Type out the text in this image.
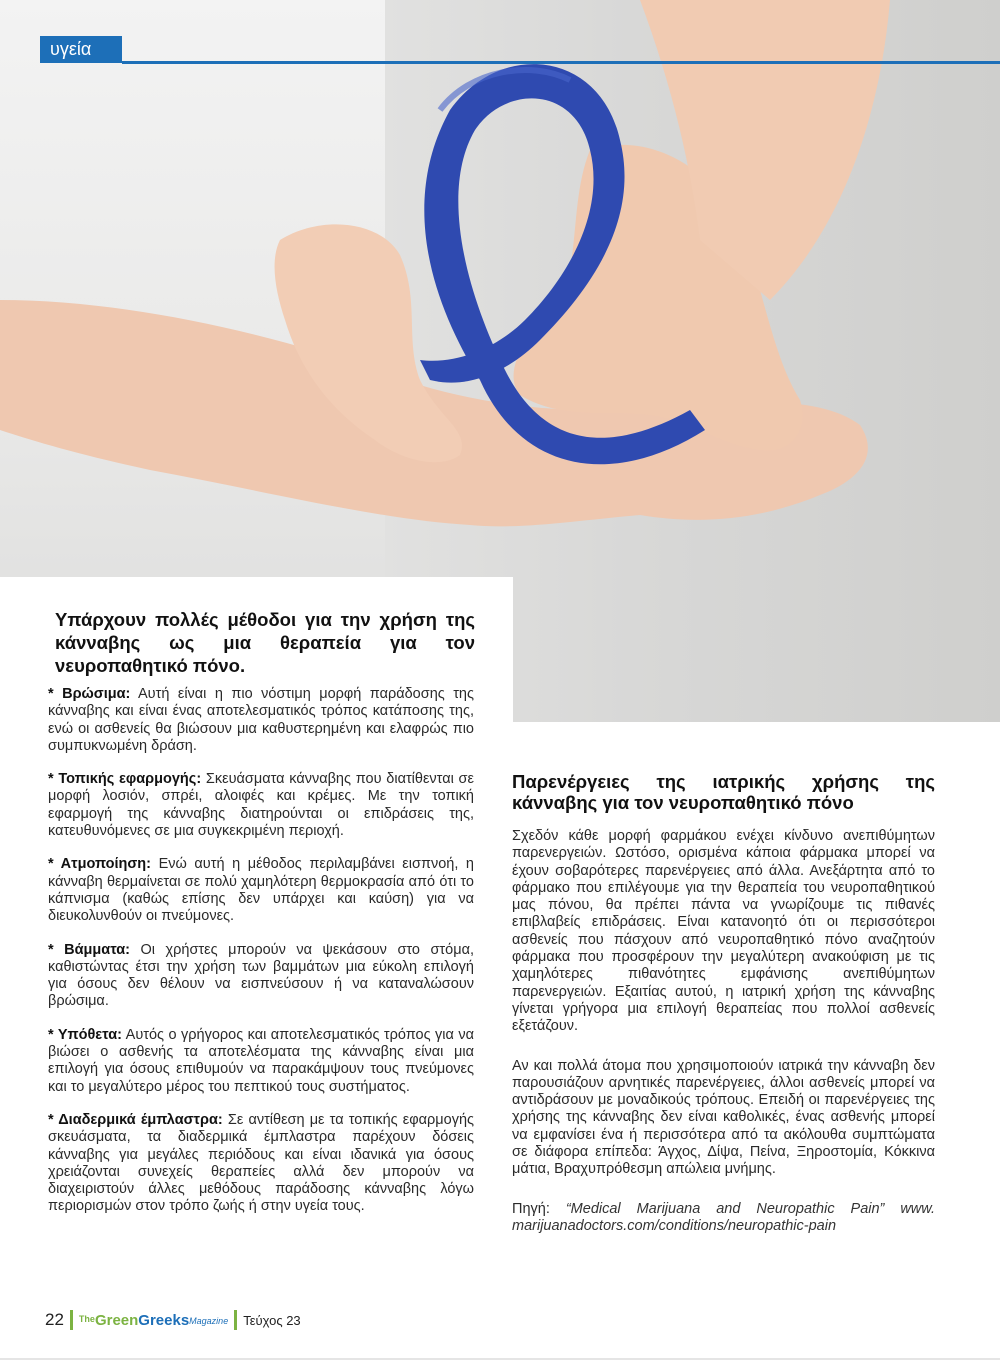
υγεία
Υπάρχουν πολλές μέθοδοι για την χρήση της κάνναβης ως μια θεραπεία για τον νευροπαθητικό πόνο.
* Βρώσιμα: Αυτή είναι η πιο νόστιμη μορφή παράδοσης της κάνναβης και είναι ένας αποτελεσματικός τρόπος κατάποσης της, ενώ οι ασθενείς θα βιώσουν μια καθυστερημένη και ελαφρώς πιο συμπυκνωμένη δράση.
* Τοπικής εφαρμογής: Σκευάσματα κάνναβης που διατίθενται σε μορφή λοσιόν, σπρέι, αλοιφές και κρέμες. Με την τοπική εφαρμογή της κάνναβης διατηρούνται οι επιδράσεις της, κατευθυνόμενες σε μια συγκεκριμένη περιοχή.
* Ατμοποίηση: Ενώ αυτή η μέθοδος περιλαμβάνει εισπνοή, η κάνναβη θερμαίνεται σε πολύ χαμηλότερη θερμοκρασία από ότι το κάπνισμα (καθώς επίσης δεν υπάρχει και καύση) για να διευκολυνθούν οι πνεύμονες.
* Βάμματα: Οι χρήστες μπορούν να ψεκάσουν στο στόμα, καθιστώντας έτσι την χρήση των βαμμάτων μια εύκολη επιλογή για όσους δεν θέλουν να εισπνεύσουν ή να καταναλώσουν βρώσιμα.
* Υπόθετα: Αυτός ο γρήγορος και αποτελεσματικός τρόπος για να βιώσει ο ασθενής τα αποτελέσματα της κάνναβης είναι μια επιλογή για όσους επιθυμούν να παρακάμψουν τους πνεύμονες και το μεγαλύτερο μέρος του πεπτικού τους συστήματος.
* Διαδερμικά έμπλαστρα: Σε αντίθεση με τα τοπικής εφαρμογής σκευάσματα, τα διαδερμικά έμπλαστρα παρέχουν δόσεις κάνναβης για μεγάλες περιόδους και είναι ιδανικά για όσους χρειάζονται συνεχείς θεραπείες αλλά δεν μπορούν να διαχειριστούν άλλες μεθόδους παράδοσης κάνναβης λόγω περιορισμών στον τρόπο ζωής ή στην υγεία τους.
Παρενέργειες της ιατρικής χρήσης της κάνναβης για τον νευροπαθητικό πόνο

Σχεδόν κάθε μορφή φαρμάκου ενέχει κίνδυνο ανεπιθύμητων παρενεργειών. Ωστόσο, ορισμένα κάποια φάρμακα μπορεί να έχουν σοβαρότερες παρενέργειες από άλλα. Ανεξάρτητα από το φάρμακο που επιλέγουμε για την θεραπεία του νευροπαθητικού μας πόνου, θα πρέπει πάντα να γνωρίζουμε τις πιθανές επιβλαβείς επιδράσεις. Είναι κατανοητό ότι οι περισσότεροι ασθενείς που πάσχουν από νευροπαθητικό πόνο αναζητούν φάρμακα που προσφέρουν την μεγαλύτερη ανακούφιση με τις χαμηλότερες πιθανότητες εμφάνισης ανεπιθύμητων παρενεργειών. Εξαιτίας αυτού, η ιατρική χρήση της κάνναβης γίνεται γρήγορα μια επιλογή θεραπείας που πολλοί ασθενείς εξετάζουν.

Αν και πολλά άτομα που χρησιμοποιούν ιατρικά την κάνναβη δεν παρουσιάζουν αρνητικές παρενέργειες, άλλοι ασθενείς μπορεί να αντιδράσουν με μοναδικούς τρόπους. Επειδή οι παρενέργειες της χρήσης της κάνναβης δεν είναι καθολικές, ένας ασθενής μπορεί να εμφανίσει ένα ή περισσότερα από τα ακόλουθα συμπτώματα σε διάφορα επίπεδα: Άγχος, Δίψα, Πείνα, Ξηροστομία, Κόκκινα μάτια, Βραχυπρόθεσμη απώλεια μνήμης.

Πηγή: “Medical Marijuana and Neuropathic Pain” www. marijuanadoctors.com/conditions/neuropathic-pain
22 The Green Greeks Magazine Τεύχος 23
